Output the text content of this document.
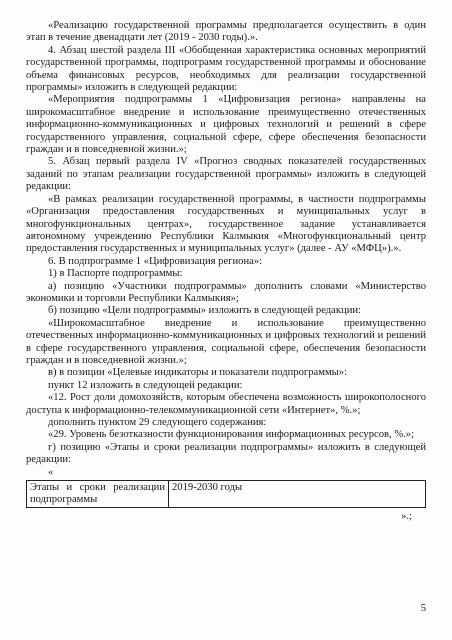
«Реализацию государственной программы предполагается осуществить в один этап в течение двенадцати лет (2019 - 2030 годы).».

4. Абзац шестой раздела III «Обобщенная характеристика основных мероприятий государственной программы, подпрограмм государственной программы и обоснование объема финансовых ресурсов, необходимых для реализации государственной программы» изложить в следующей редакции:

«Мероприятия подпрограммы 1 «Цифровизация региона» направлены на широкомасштабное внедрение и использование преимущественно отечественных информационно-коммуникационных и цифровых технологий и решений в сфере государственного управления, социальной сфере, сфере обеспечения безопасности граждан и в повседневной жизни.»;

5. Абзац первый раздела IV «Прогноз сводных показателей государственных заданий по этапам реализации государственной программы» изложить в следующей редакции:

«В рамках реализации государственной программы, в частности подпрограммы «Организация предоставления государственных и муниципальных услуг в многофункциональных центрах», государственное задание устанавливается автономному учреждению Республики Калмыкия «Многофункциональный центр предоставления государственных и муниципальных услуг» (далее - АУ «МФЦ»).».

6. В подпрограмме 1 «Цифровизация региона»:

1) в Паспорте подпрограммы:

а) позицию «Участники подпрограммы» дополнить словами «Министерство экономики и торговли Республики Калмыкия»;

б) позицию «Цели подпрограммы» изложить в следующей редакции:

«Широкомасштабное внедрение и использование преимущественно отечественных информационно-коммуникационных и цифровых технологий и решений в сфере государственного управления, социальной сфере, обеспечения безопасности граждан и в повседневной жизни.»;

в) в позиции «Целевые индикаторы и показатели подпрограммы»:

пункт 12 изложить в следующей редакции:

«12. Рост доли домохозяйств, которым обеспечена возможность широкополосного доступа к информационно-телекоммуникационной сети «Интернет», %.»;

дополнить пунктом 29 следующего содержания:

«29. Уровень безотказности функционирования информационных ресурсов, %.»;

г) позицию «Этапы и сроки реализации подпрограммы» изложить в следующей редакции:

«

Этапы и сроки реализации подпрограммы	2019-2030 годы

».;

5
